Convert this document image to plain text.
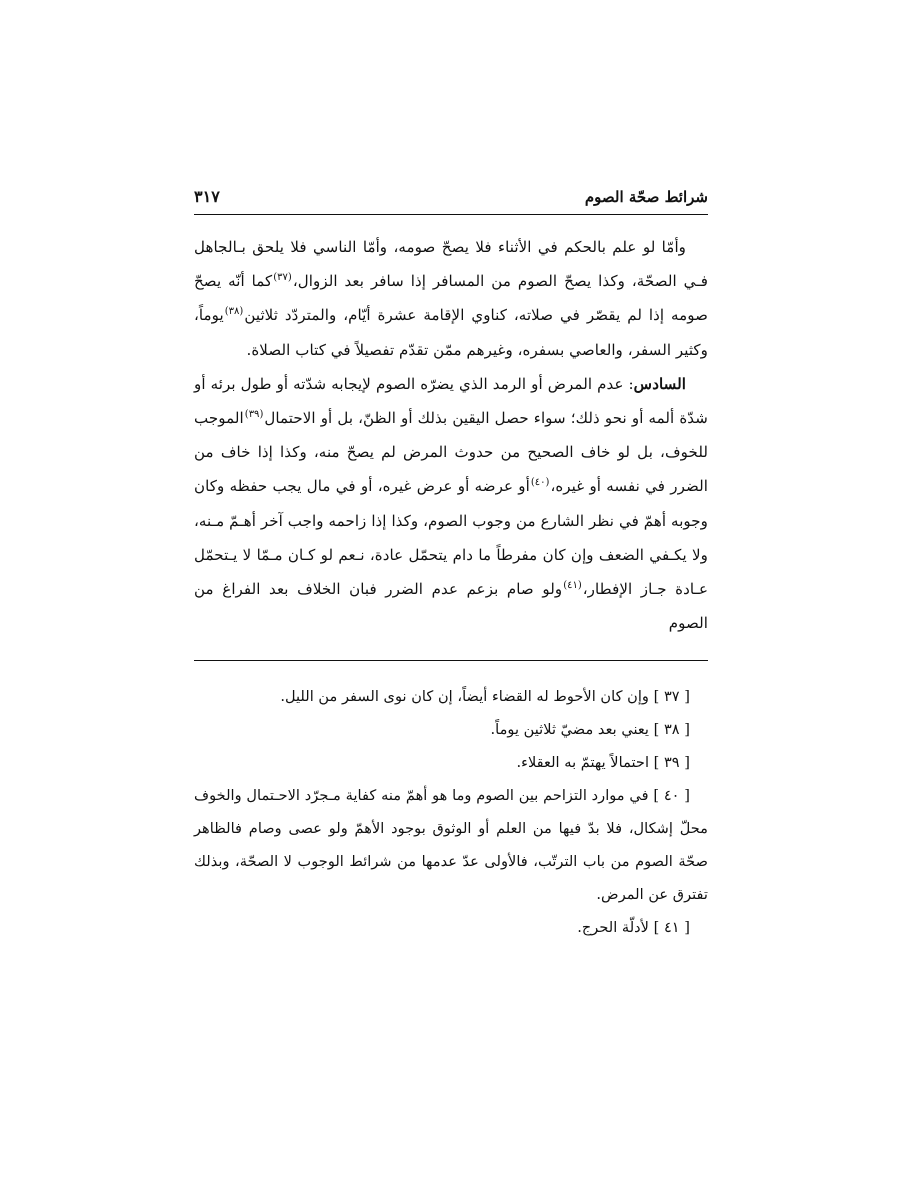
شرائط صحّة الصوم
٣١٧

وأمّا لو علم بالحكم في الأثناء فلا يصحّ صومه، وأمّا الناسي فلا يلحق بـالجاهل فـي الصحّة، وكذا يصحّ الصوم من المسافر إذا سافر بعد الزوال،$^{(٣٧)}$كما أنّه يصحّ صومه إذا لم يقصّر في صلاته، كناوي الإقامة عشرة أيّام، والمتردّد ثلاثين$^{(٣٨)}$يوماً، وكثير السفر، والعاصي بسفره، وغيرهم ممّن تقدّم تفصيلاً في كتاب الصلاة.

السادس: عدم المرض أو الرمد الذي يضرّه الصوم لإيجابه شدّته أو طول برئه أو شدّة ألمه أو نحو ذلك؛ سواء حصل اليقين بذلك أو الظنّ، بل أو الاحتمال$^{(٣٩)}$الموجب للخوف، بل لو خاف الصحيح من حدوث المرض لم يصحّ منه، وكذا إذا خاف من الضرر في نفسه أو غيره،$^{(٤٠)}$أو عرضه أو عرض غيره، أو في مال يجب حفظه وكان وجوبه أهمّ في نظر الشارع من وجوب الصوم، وكذا إذا زاحمه واجب آخر أهـمّ مـنه، ولا يكـفي الضعف وإن كان مفرطاً ما دام يتحمّل عادة، نـعم لو كـان مـمّا لا يـتحمّل عـادة جـاز الإفطار،$^{(٤١)}$ولو صام بزعم عدم الضرر فبان الخلاف بعد الفراغ من الصوم

[ ٣٧ ] وإن كان الأحوط له القضاء أيضاً، إن كان نوى السفر من الليل.

[ ٣٨ ] يعني بعد مضيّ ثلاثين يوماً.

[ ٣٩ ] احتمالاً يهتمّ به العقلاء.

[ ٤٠ ] في موارد التزاحم بين الصوم وما هو أهمّ منه كفاية مـجرّد الاحـتمال والخوف محلّ إشكال، فلا بدّ فيها من العلم أو الوثوق بوجود الأهمّ ولو عصى وصام فالظاهر صحّة الصوم من باب الترتّب، فالأولى عدّ عدمها من شرائط الوجوب لا الصحّة، وبذلك تفترق عن المرض.

[ ٤١ ] لأدلّة الحرج.
